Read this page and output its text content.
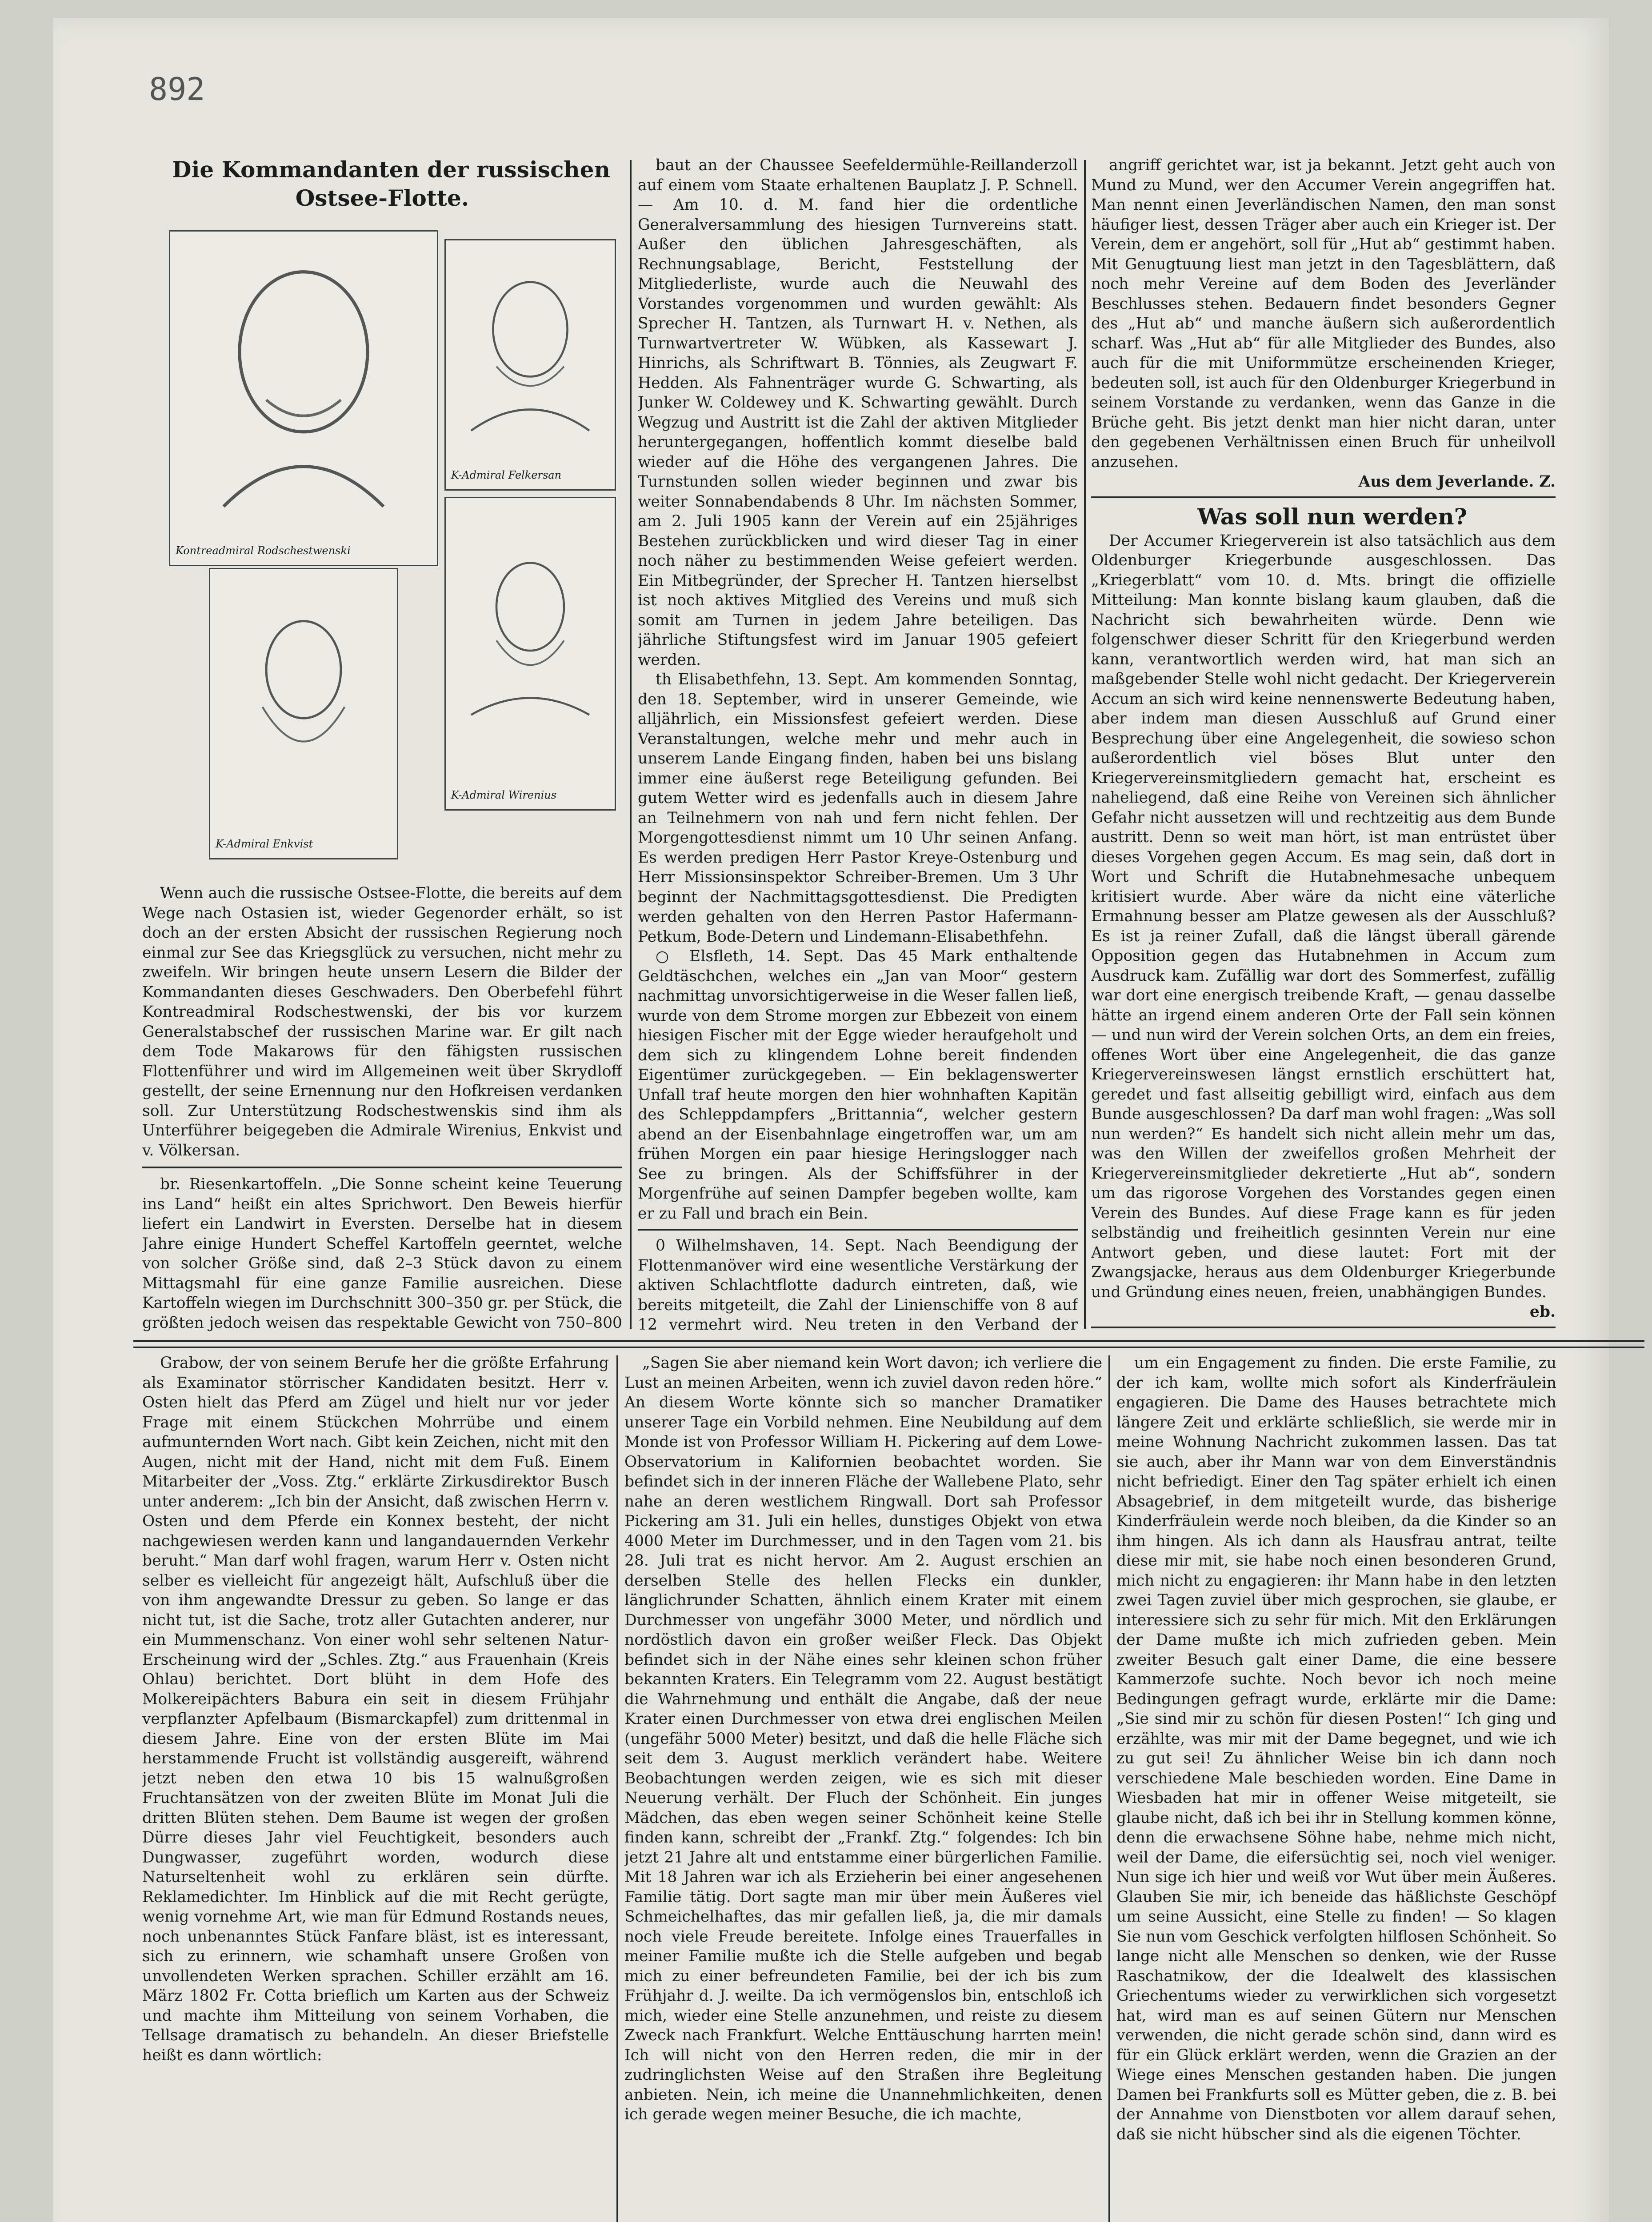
892

Die Kommandanten der russischen Ostsee-Flotte.

Kontreadmiral Rodschestwenski
K-Admiral Felkersan
K-Admiral Enkvist
K-Admiral Wirenius

Wenn auch die russische Ostsee-Flotte, die bereits auf dem Wege nach Ostasien ist, wieder Gegenorder erhält, so ist doch an der ersten Absicht der russischen Regierung noch einmal zur See das Kriegsglück zu versuchen, nicht mehr zu zweifeln. Wir bringen heute unsern Lesern die Bilder der Kommandanten dieses Geschwaders. Den Oberbefehl führt Kontreadmiral Rodschestwenski, der bis vor kurzem Generalstabschef der russischen Marine war. Er gilt nach dem Tode Makarows für den fähigsten russischen Flottenführer und wird im Allgemeinen weit über Skrydloff gestellt, der seine Ernennung nur den Hofkreisen verdanken soll. Zur Unterstützung Rodschestwenskis sind ihm als Unterführer beigegeben die Admirale Wirenius, Enkvist und v. Völkersan.

br. Riesenkartoffeln. „Die Sonne scheint keine Teuerung ins Land“ heißt ein altes Sprichwort. Den Beweis hierfür liefert ein Landwirt in Eversten. Derselbe hat in diesem Jahre einige Hundert Scheffel Kartoffeln geerntet, welche von solcher Größe sind, daß 2–3 Stück davon zu einem Mittagsmahl für eine ganze Familie ausreichen. Diese Kartoffeln wiegen im Durchschnitt 300–350 gr. per Stück, die größten jedoch weisen das respektable Gewicht von 750–800

baut an der Chaussee Seefeldermühle-Reillanderzoll auf einem vom Staate erhaltenen Bauplatz J. P. Schnell. — Am 10. d. M. fand hier die ordentliche Generalversammlung des hiesigen Turnvereins statt. Außer den üblichen Jahresgeschäften, als Rechnungsablage, Bericht, Feststellung der Mitgliederliste, wurde auch die Neuwahl des Vorstandes vorgenommen und wurden gewählt: Als Sprecher H. Tantzen, als Turnwart H. v. Nethen, als Turnwartvertreter W. Wübken, als Kassewart J. Hinrichs, als Schriftwart B. Tönnies, als Zeugwart F. Hedden. Als Fahnenträger wurde G. Schwarting, als Junker W. Coldewey und K. Schwarting gewählt. Durch Wegzug und Austritt ist die Zahl der aktiven Mitglieder heruntergegangen, hoffentlich kommt dieselbe bald wieder auf die Höhe des vergangenen Jahres. Die Turnstunden sollen wieder beginnen und zwar bis weiter Sonnabendabends 8 Uhr. Im nächsten Sommer, am 2. Juli 1905 kann der Verein auf ein 25jähriges Bestehen zurückblicken und wird dieser Tag in einer noch näher zu bestimmenden Weise gefeiert werden. Ein Mitbegründer, der Sprecher H. Tantzen hierselbst ist noch aktives Mitglied des Vereins und muß sich somit am Turnen in jedem Jahre beteiligen. Das jährliche Stiftungsfest wird im Januar 1905 gefeiert werden.

th Elisabethfehn, 13. Sept. Am kommenden Sonntag, den 18. September, wird in unserer Gemeinde, wie alljährlich, ein Missionsfest gefeiert werden. Diese Veranstaltungen, welche mehr und mehr auch in unserem Lande Eingang finden, haben bei uns bislang immer eine äußerst rege Beteiligung gefunden. Bei gutem Wetter wird es jedenfalls auch in diesem Jahre an Teilnehmern von nah und fern nicht fehlen. Der Morgengottesdienst nimmt um 10 Uhr seinen Anfang. Es werden predigen Herr Pastor Kreye-Ostenburg und Herr Missionsinspektor Schreiber-Bremen. Um 3 Uhr beginnt der Nachmittagsgottesdienst. Die Predigten werden gehalten von den Herren Pastor Hafermann-Petkum, Bode-Detern und Lindemann-Elisabethfehn.

○ Elsfleth, 14. Sept. Das 45 Mark enthaltende Geldtäschchen, welches ein „Jan van Moor“ gestern nachmittag unvorsichtigerweise in die Weser fallen ließ, wurde von dem Strome morgen zur Ebbezeit von einem hiesigen Fischer mit der Egge wieder heraufgeholt und dem sich zu klingendem Lohne bereit findenden Eigentümer zurückgegeben. — Ein beklagenswerter Unfall traf heute morgen den hier wohnhaften Kapitän des Schleppdampfers „Brittannia“, welcher gestern abend an der Eisenbahnlage eingetroffen war, um am frühen Morgen ein paar hiesige Heringslogger nach See zu bringen. Als der Schiffsführer in der Morgenfrühe auf seinen Dampfer begeben wollte, kam er zu Fall und brach ein Bein.

0 Wilhelmshaven, 14. Sept. Nach Beendigung der Flottenmanöver wird eine wesentliche Verstärkung der aktiven Schlachtflotte dadurch eintreten, daß, wie bereits mitgeteilt, die Zahl der Linienschiffe von 8 auf 12 vermehrt wird. Neu treten in den Verband der

angriff gerichtet war, ist ja bekannt. Jetzt geht auch von Mund zu Mund, wer den Accumer Verein angegriffen hat. Man nennt einen Jeverländischen Namen, den man sonst häufiger liest, dessen Träger aber auch ein Krieger ist. Der Verein, dem er angehört, soll für „Hut ab“ gestimmt haben. Mit Genugtuung liest man jetzt in den Tagesblättern, daß noch mehr Vereine auf dem Boden des Jeverländer Beschlusses stehen. Bedauern findet besonders Gegner des „Hut ab“ und manche äußern sich außerordentlich scharf. Was „Hut ab“ für alle Mitglieder des Bundes, also auch für die mit Uniformmütze erscheinenden Krieger, bedeuten soll, ist auch für den Oldenburger Kriegerbund in seinem Vorstande zu verdanken, wenn das Ganze in die Brüche geht. Bis jetzt denkt man hier nicht daran, unter den gegebenen Verhältnissen einen Bruch für unheilvoll anzusehen.

Aus dem Jeverlande. Z.

Was soll nun werden?

Der Accumer Kriegerverein ist also tatsächlich aus dem Oldenburger Kriegerbunde ausgeschlossen. Das „Kriegerblatt“ vom 10. d. Mts. bringt die offizielle Mitteilung: Man konnte bislang kaum glauben, daß die Nachricht sich bewahrheiten würde. Denn wie folgenschwer dieser Schritt für den Kriegerbund werden kann, verantwortlich werden wird, hat man sich an maßgebender Stelle wohl nicht gedacht. Der Kriegerverein Accum an sich wird keine nennenswerte Bedeutung haben, aber indem man diesen Ausschluß auf Grund einer Besprechung über eine Angelegenheit, die sowieso schon außerordentlich viel böses Blut unter den Kriegervereinsmitgliedern gemacht hat, erscheint es naheliegend, daß eine Reihe von Vereinen sich ähnlicher Gefahr nicht aussetzen will und rechtzeitig aus dem Bunde austritt. Denn so weit man hört, ist man entrüstet über dieses Vorgehen gegen Accum. Es mag sein, daß dort in Wort und Schrift die Hutabnehmesache unbequem kritisiert wurde. Aber wäre da nicht eine väterliche Ermahnung besser am Platze gewesen als der Ausschluß? Es ist ja reiner Zufall, daß die längst überall gärende Opposition gegen das Hutabnehmen in Accum zum Ausdruck kam. Zufällig war dort des Sommerfest, zufällig war dort eine energisch treibende Kraft, — genau dasselbe hätte an irgend einem anderen Orte der Fall sein können — und nun wird der Verein solchen Orts, an dem ein freies, offenes Wort über eine Angelegenheit, die das ganze Kriegervereinswesen längst ernstlich erschüttert hat, geredet und fast allseitig gebilligt wird, einfach aus dem Bunde ausgeschlossen? Da darf man wohl fragen: „Was soll nun werden?“ Es handelt sich nicht allein mehr um das, was den Willen der zweifellos großen Mehrheit der Kriegervereinsmitglieder dekretierte „Hut ab“, sondern um das rigorose Vorgehen des Vorstandes gegen einen Verein des Bundes. Auf diese Frage kann es für jeden selbständig und freiheitlich gesinnten Verein nur eine Antwort geben, und diese lautet: Fort mit der Zwangsjacke, heraus aus dem Oldenburger Kriegerbunde und Gründung eines neuen, freien, unabhängigen Bundes.

eb.

Grabow, der von seinem Berufe her die größte Erfahrung als Examinator störrischer Kandidaten besitzt. Herr v. Osten hielt das Pferd am Zügel und hielt nur vor jeder Frage mit einem Stückchen Mohrrübe und einem aufmunternden Wort nach. Gibt kein Zeichen, nicht mit den Augen, nicht mit der Hand, nicht mit dem Fuß. Einem Mitarbeiter der „Voss. Ztg.“ erklärte Zirkusdirektor Busch unter anderem: „Ich bin der Ansicht, daß zwischen Herrn v. Osten und dem Pferde ein Konnex besteht, der nicht nachgewiesen werden kann und langandauernden Verkehr beruht.“ Man darf wohl fragen, warum Herr v. Osten nicht selber es vielleicht für angezeigt hält, Aufschluß über die von ihm angewandte Dressur zu geben. So lange er das nicht tut, ist die Sache, trotz aller Gutachten anderer, nur ein Mummenschanz. Von einer wohl sehr seltenen Natur-Erscheinung wird der „Schles. Ztg.“ aus Frauenhain (Kreis Ohlau) berichtet. Dort blüht in dem Hofe des Molkereipächters Babura ein seit in diesem Frühjahr verpflanzter Apfelbaum (Bismarckapfel) zum drittenmal in diesem Jahre. Eine von der ersten Blüte im Mai herstammende Frucht ist vollständig ausgereift, während jetzt neben den etwa 10 bis 15 walnußgroßen Fruchtansätzen von der zweiten Blüte im Monat Juli die dritten Blüten stehen. Dem Baume ist wegen der großen Dürre dieses Jahr viel Feuchtigkeit, besonders auch Dungwasser, zugeführt worden, wodurch diese Naturseltenheit wohl zu erklären sein dürfte. Reklamedichter. Im Hinblick auf die mit Recht gerügte, wenig vornehme Art, wie man für Edmund Rostands neues, noch unbenanntes Stück Fanfare bläst, ist es interessant, sich zu erinnern, wie schamhaft unsere Großen von unvollendeten Werken sprachen. Schiller erzählt am 16. März 1802 Fr. Cotta brieflich um Karten aus der Schweiz und machte ihm Mitteilung von seinem Vorhaben, die Tellsage dramatisch zu behandeln. An dieser Briefstelle heißt es dann wörtlich:

„Sagen Sie aber niemand kein Wort davon; ich verliere die Lust an meinen Arbeiten, wenn ich zuviel davon reden höre.“ An diesem Worte könnte sich so mancher Dramatiker unserer Tage ein Vorbild nehmen. Eine Neubildung auf dem Monde ist von Professor William H. Pickering auf dem Lowe-Observatorium in Kalifornien beobachtet worden. Sie befindet sich in der inneren Fläche der Wallebene Plato, sehr nahe an deren westlichem Ringwall. Dort sah Professor Pickering am 31. Juli ein helles, dunstiges Objekt von etwa 4000 Meter im Durchmesser, und in den Tagen vom 21. bis 28. Juli trat es nicht hervor. Am 2. August erschien an derselben Stelle des hellen Flecks ein dunkler, länglichrunder Schatten, ähnlich einem Krater mit einem Durchmesser von ungefähr 3000 Meter, und nördlich und nordöstlich davon ein großer weißer Fleck. Das Objekt befindet sich in der Nähe eines sehr kleinen schon früher bekannten Kraters. Ein Telegramm vom 22. August bestätigt die Wahrnehmung und enthält die Angabe, daß der neue Krater einen Durchmesser von etwa drei englischen Meilen (ungefähr 5000 Meter) besitzt, und daß die helle Fläche sich seit dem 3. August merklich verändert habe. Weitere Beobachtungen werden zeigen, wie es sich mit dieser Neuerung verhält. Der Fluch der Schönheit. Ein junges Mädchen, das eben wegen seiner Schönheit keine Stelle finden kann, schreibt der „Frankf. Ztg.“ folgendes: Ich bin jetzt 21 Jahre alt und entstamme einer bürgerlichen Familie. Mit 18 Jahren war ich als Erzieherin bei einer angesehenen Familie tätig. Dort sagte man mir über mein Äußeres viel Schmeichelhaftes, das mir gefallen ließ, ja, die mir damals noch viele Freude bereitete. Infolge eines Trauerfalles in meiner Familie mußte ich die Stelle aufgeben und begab mich zu einer befreundeten Familie, bei der ich bis zum Frühjahr d. J. weilte. Da ich vermögenslos bin, entschloß ich mich, wieder eine Stelle anzunehmen, und reiste zu diesem Zweck nach Frankfurt. Welche Enttäuschung harrten mein! Ich will nicht von den Herren reden, die mir in der zudringlichsten Weise auf den Straßen ihre Begleitung anbieten. Nein, ich meine die Unannehmlichkeiten, denen ich gerade wegen meiner Besuche, die ich machte,

um ein Engagement zu finden. Die erste Familie, zu der ich kam, wollte mich sofort als Kinderfräulein engagieren. Die Dame des Hauses betrachtete mich längere Zeit und erklärte schließlich, sie werde mir in meine Wohnung Nachricht zukommen lassen. Das tat sie auch, aber ihr Mann war von dem Einverständnis nicht befriedigt. Einer den Tag später erhielt ich einen Absagebrief, in dem mitgeteilt wurde, das bisherige Kinderfräulein werde noch bleiben, da die Kinder so an ihm hingen. Als ich dann als Hausfrau antrat, teilte diese mir mit, sie habe noch einen besonderen Grund, mich nicht zu engagieren: ihr Mann habe in den letzten zwei Tagen zuviel über mich gesprochen, sie glaube, er interessiere sich zu sehr für mich. Mit den Erklärungen der Dame mußte ich mich zufrieden geben. Mein zweiter Besuch galt einer Dame, die eine bessere Kammerzofe suchte. Noch bevor ich noch meine Bedingungen gefragt wurde, erklärte mir die Dame: „Sie sind mir zu schön für diesen Posten!“ Ich ging und erzählte, was mir mit der Dame begegnet, und wie ich zu gut sei! Zu ähnlicher Weise bin ich dann noch verschiedene Male beschieden worden. Eine Dame in Wiesbaden hat mir in offener Weise mitgeteilt, sie glaube nicht, daß ich bei ihr in Stellung kommen könne, denn die erwachsene Söhne habe, nehme mich nicht, weil der Dame, die eifersüchtig sei, noch viel weniger. Nun sige ich hier und weiß vor Wut über mein Äußeres. Glauben Sie mir, ich beneide das häßlichste Geschöpf um seine Aussicht, eine Stelle zu finden! — So klagen Sie nun vom Geschick verfolgten hilflosen Schönheit. So lange nicht alle Menschen so denken, wie der Russe Raschatnikow, der die Idealwelt des klassischen Griechentums wieder zu verwirklichen sich vorgesetzt hat, wird man es auf seinen Gütern nur Menschen verwenden, die nicht gerade schön sind, dann wird es für ein Glück erklärt werden, wenn die Grazien an der Wiege eines Menschen gestanden haben. Die jungen Damen bei Frankfurts soll es Mütter geben, die z. B. bei der Annahme von Dienstboten vor allem darauf sehen, daß sie nicht hübscher sind als die eigenen Töchter.
